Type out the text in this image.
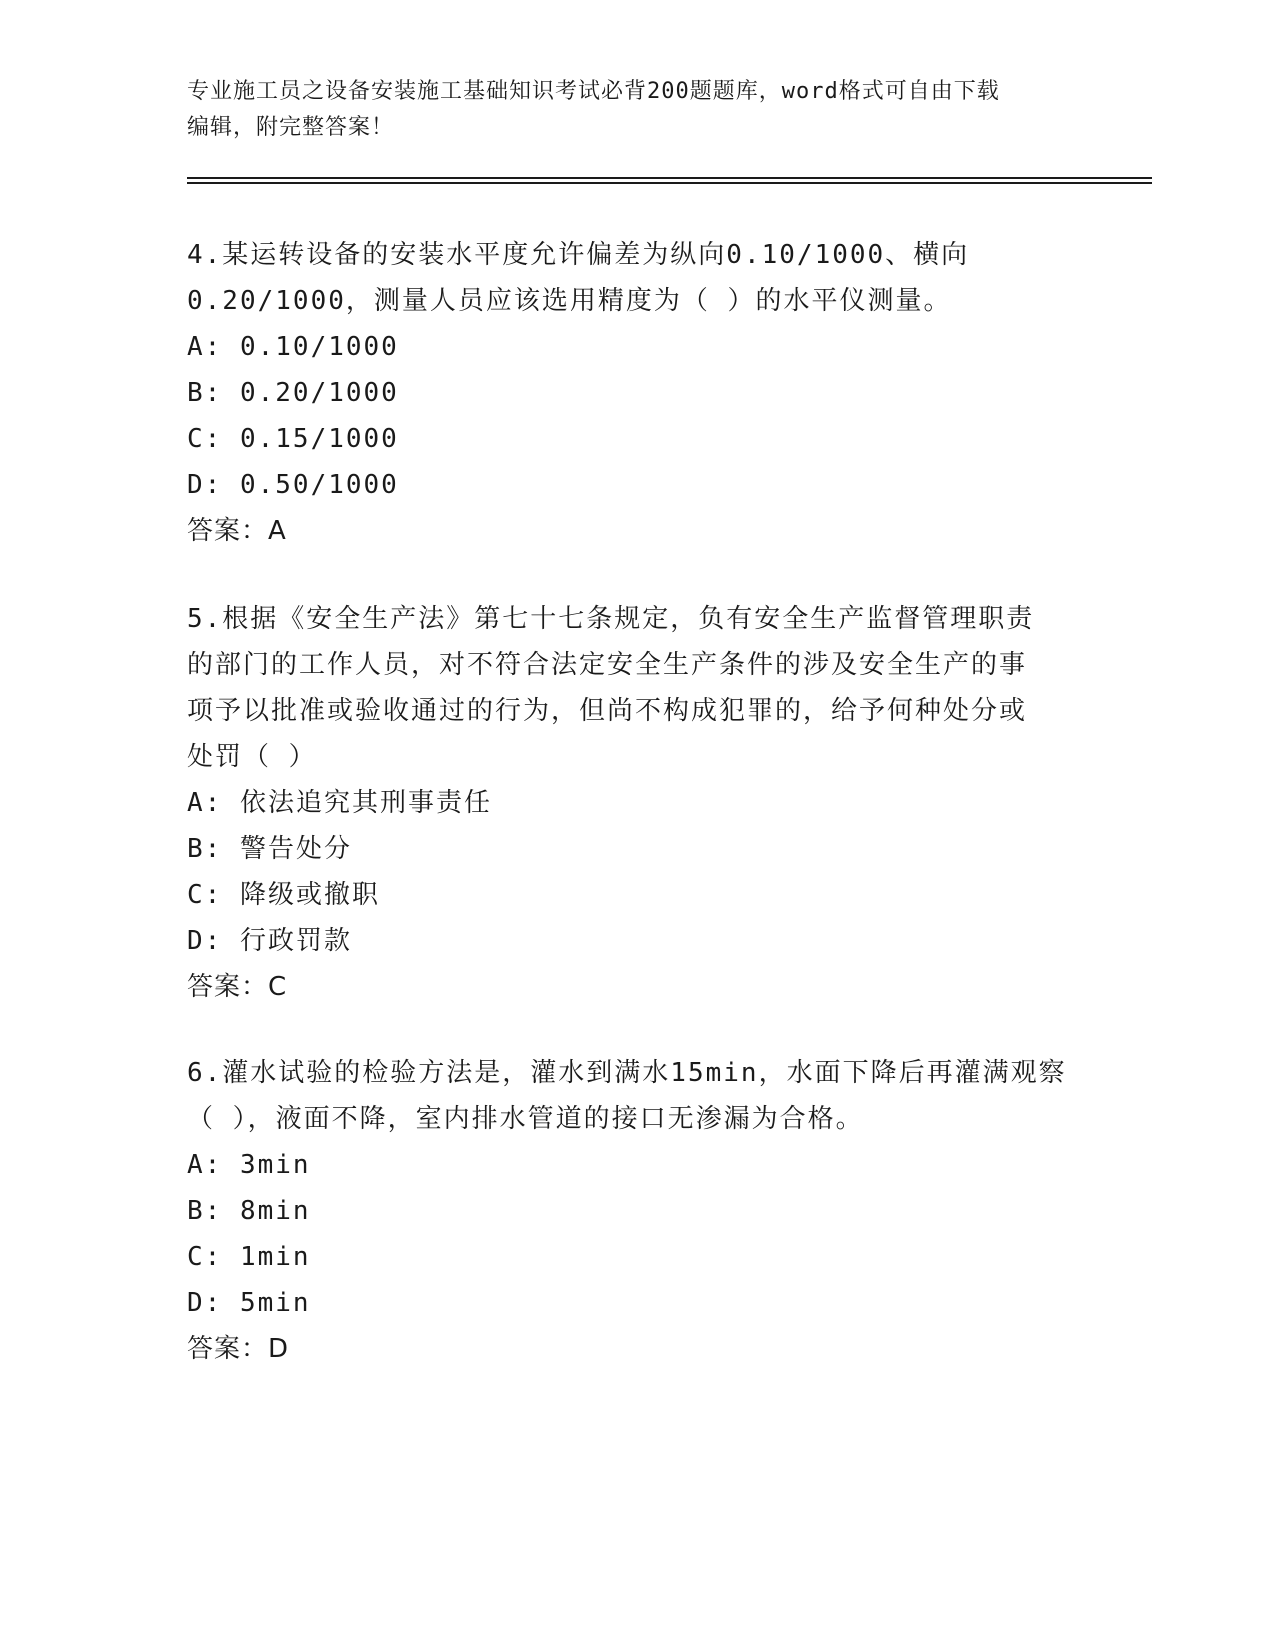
专业施工员之设备安装施工基础知识考试必背200题题库，word格式可自由下载
编辑，附完整答案！
4.某运转设备的安装水平度允许偏差为纵向0.10/1000、横向
0.20/1000，测量人员应该选用精度为（ ）的水平仪测量。
A: 0.10/1000
B: 0.20/1000
C: 0.15/1000
D: 0.50/1000
答案：A
5.根据《安全生产法》第七十七条规定，负有安全生产监督管理职责
的部门的工作人员，对不符合法定安全生产条件的涉及安全生产的事
项予以批准或验收通过的行为，但尚不构成犯罪的，给予何种处分或
处罚（ ）
A: 依法追究其刑事责任
B: 警告处分
C: 降级或撤职
D: 行政罚款
答案：C
6.灌水试验的检验方法是，灌水到满水15min，水面下降后再灌满观察
（ ），液面不降，室内排水管道的接口无渗漏为合格。
A: 3min
B: 8min
C: 1min
D: 5min
答案：D
